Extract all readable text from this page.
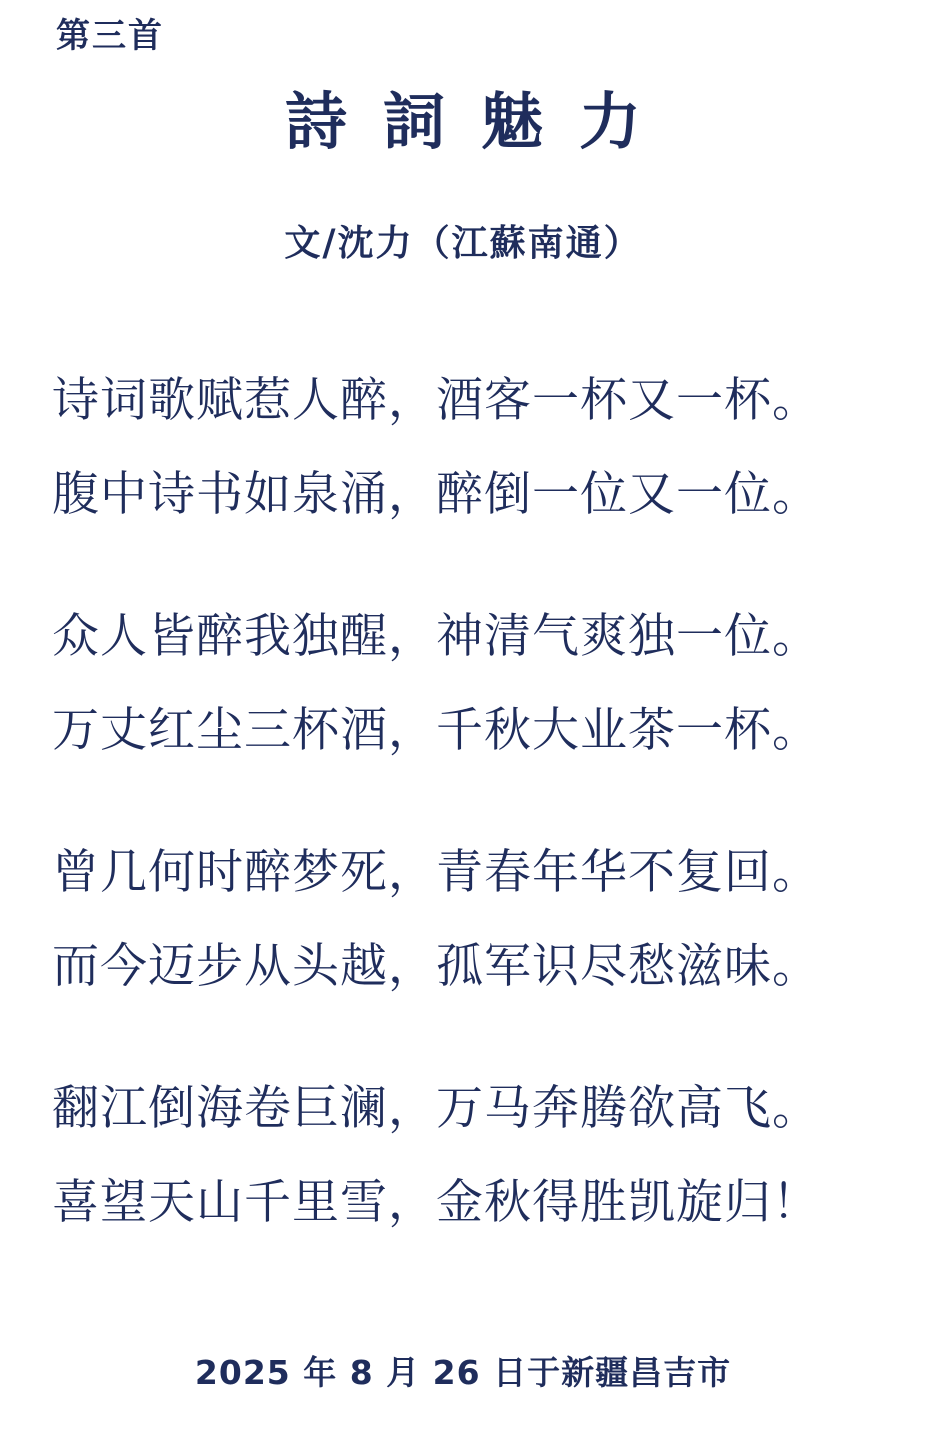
第三首
詩詞魅力
文/沈力（江蘇南通）
诗词歌赋惹人醉，酒客一杯又一杯。
腹中诗书如泉涌，醉倒一位又一位。
众人皆醉我独醒，神清气爽独一位。
万丈红尘三杯酒，千秋大业茶一杯。
曾几何时醉梦死，青春年华不复回。
而今迈步从头越，孤军识尽愁滋味。
翻江倒海卷巨澜，万马奔腾欲高飞。
喜望天山千里雪，金秋得胜凯旋归！
2025 年 8 月 26 日于新疆昌吉市
